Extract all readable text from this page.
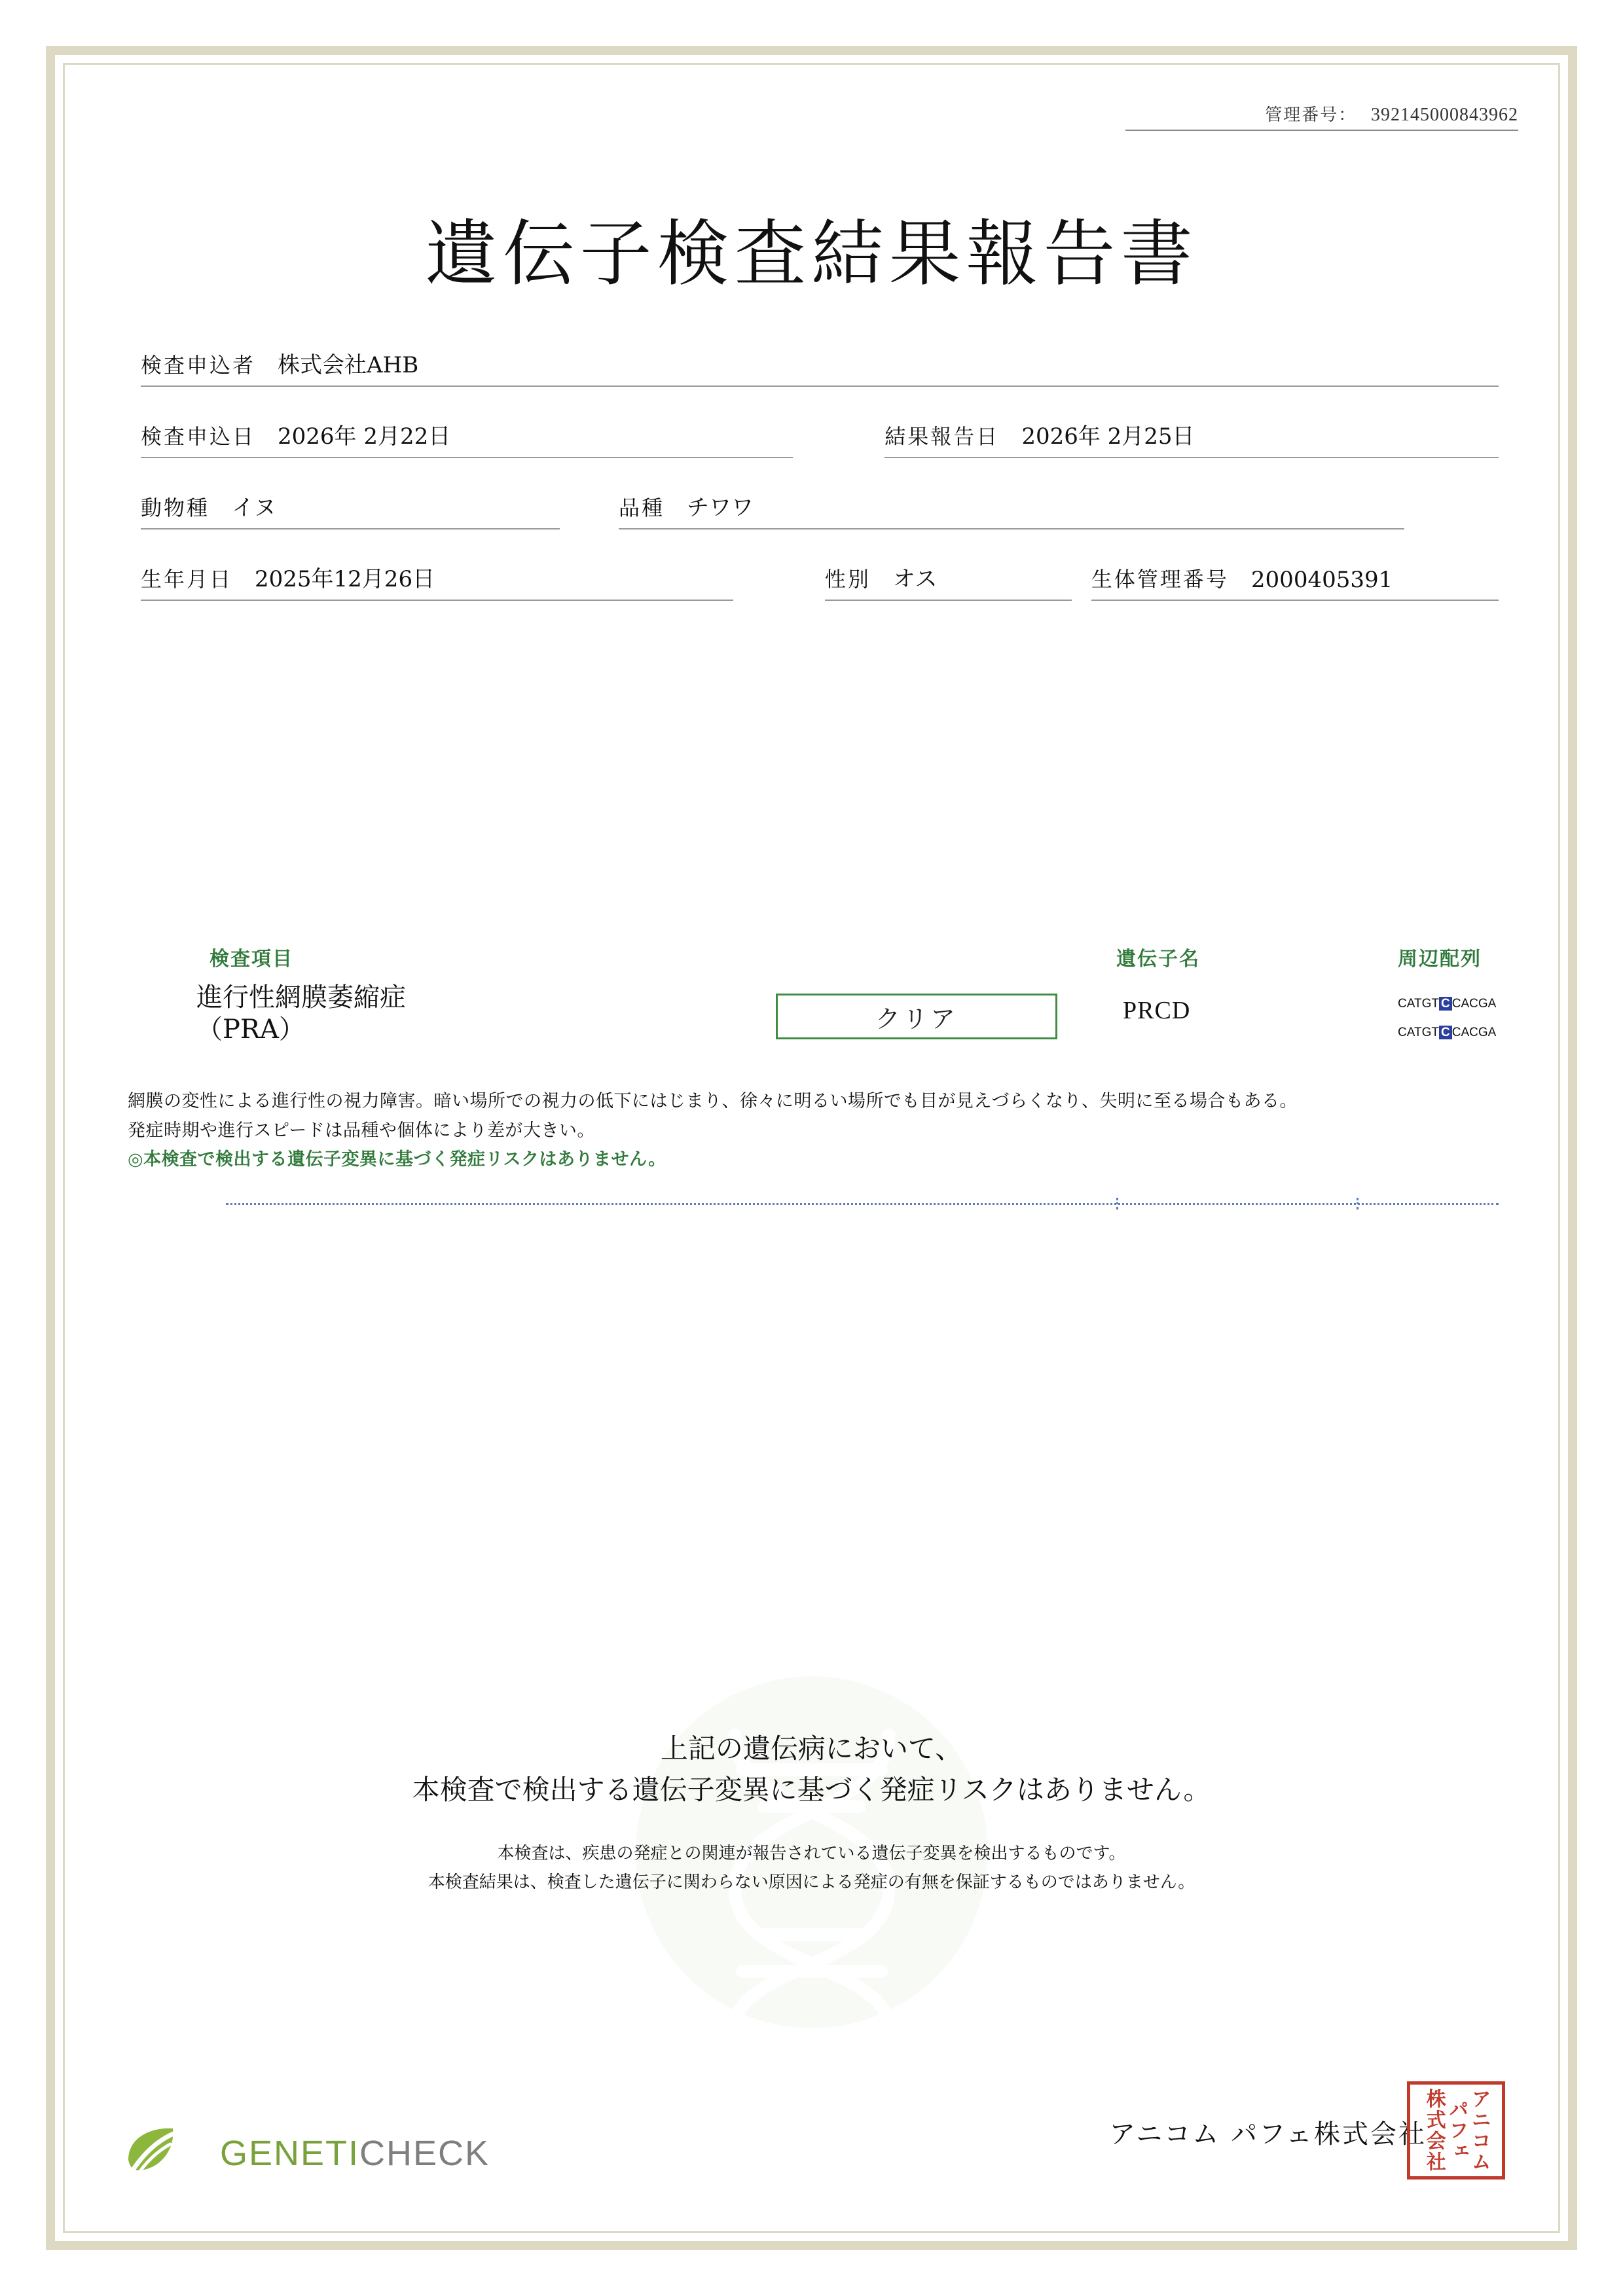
管理番号： 392145000843962
遺伝子検査結果報告書
検査申込者 株式会社AHB
検査申込日 2026年 2月22日	結果報告日 2026年 2月25日
動物種 イヌ	品種 チワワ
生年月日 2025年12月26日	性別 オス	生体管理番号 2000405391
検査項目	遺伝子名	周辺配列
進行性網膜萎縮症
（PRA）	クリア	PRCD	CATGT C CACGA
CATGT C CACGA
網膜の変性による進行性の視力障害。暗い場所での視力の低下にはじまり、徐々に明るい場所でも目が見えづらくなり、失明に至る場合もある。
発症時期や進行スピードは品種や個体により差が大きい。
◎本検査で検出する遺伝子変異に基づく発症リスクはありません。
上記の遺伝病において、
本検査で検出する遺伝子変異に基づく発症リスクはありません。
本検査は、疾患の発症との関連が報告されている遺伝子変異を検出するものです。
本検査結果は、検査した遺伝子に関わらない原因による発症の有無を保証するものではありません。
GENETICHECK	アニコム パフェ株式会社 アニコム
パフェ
株式会社
